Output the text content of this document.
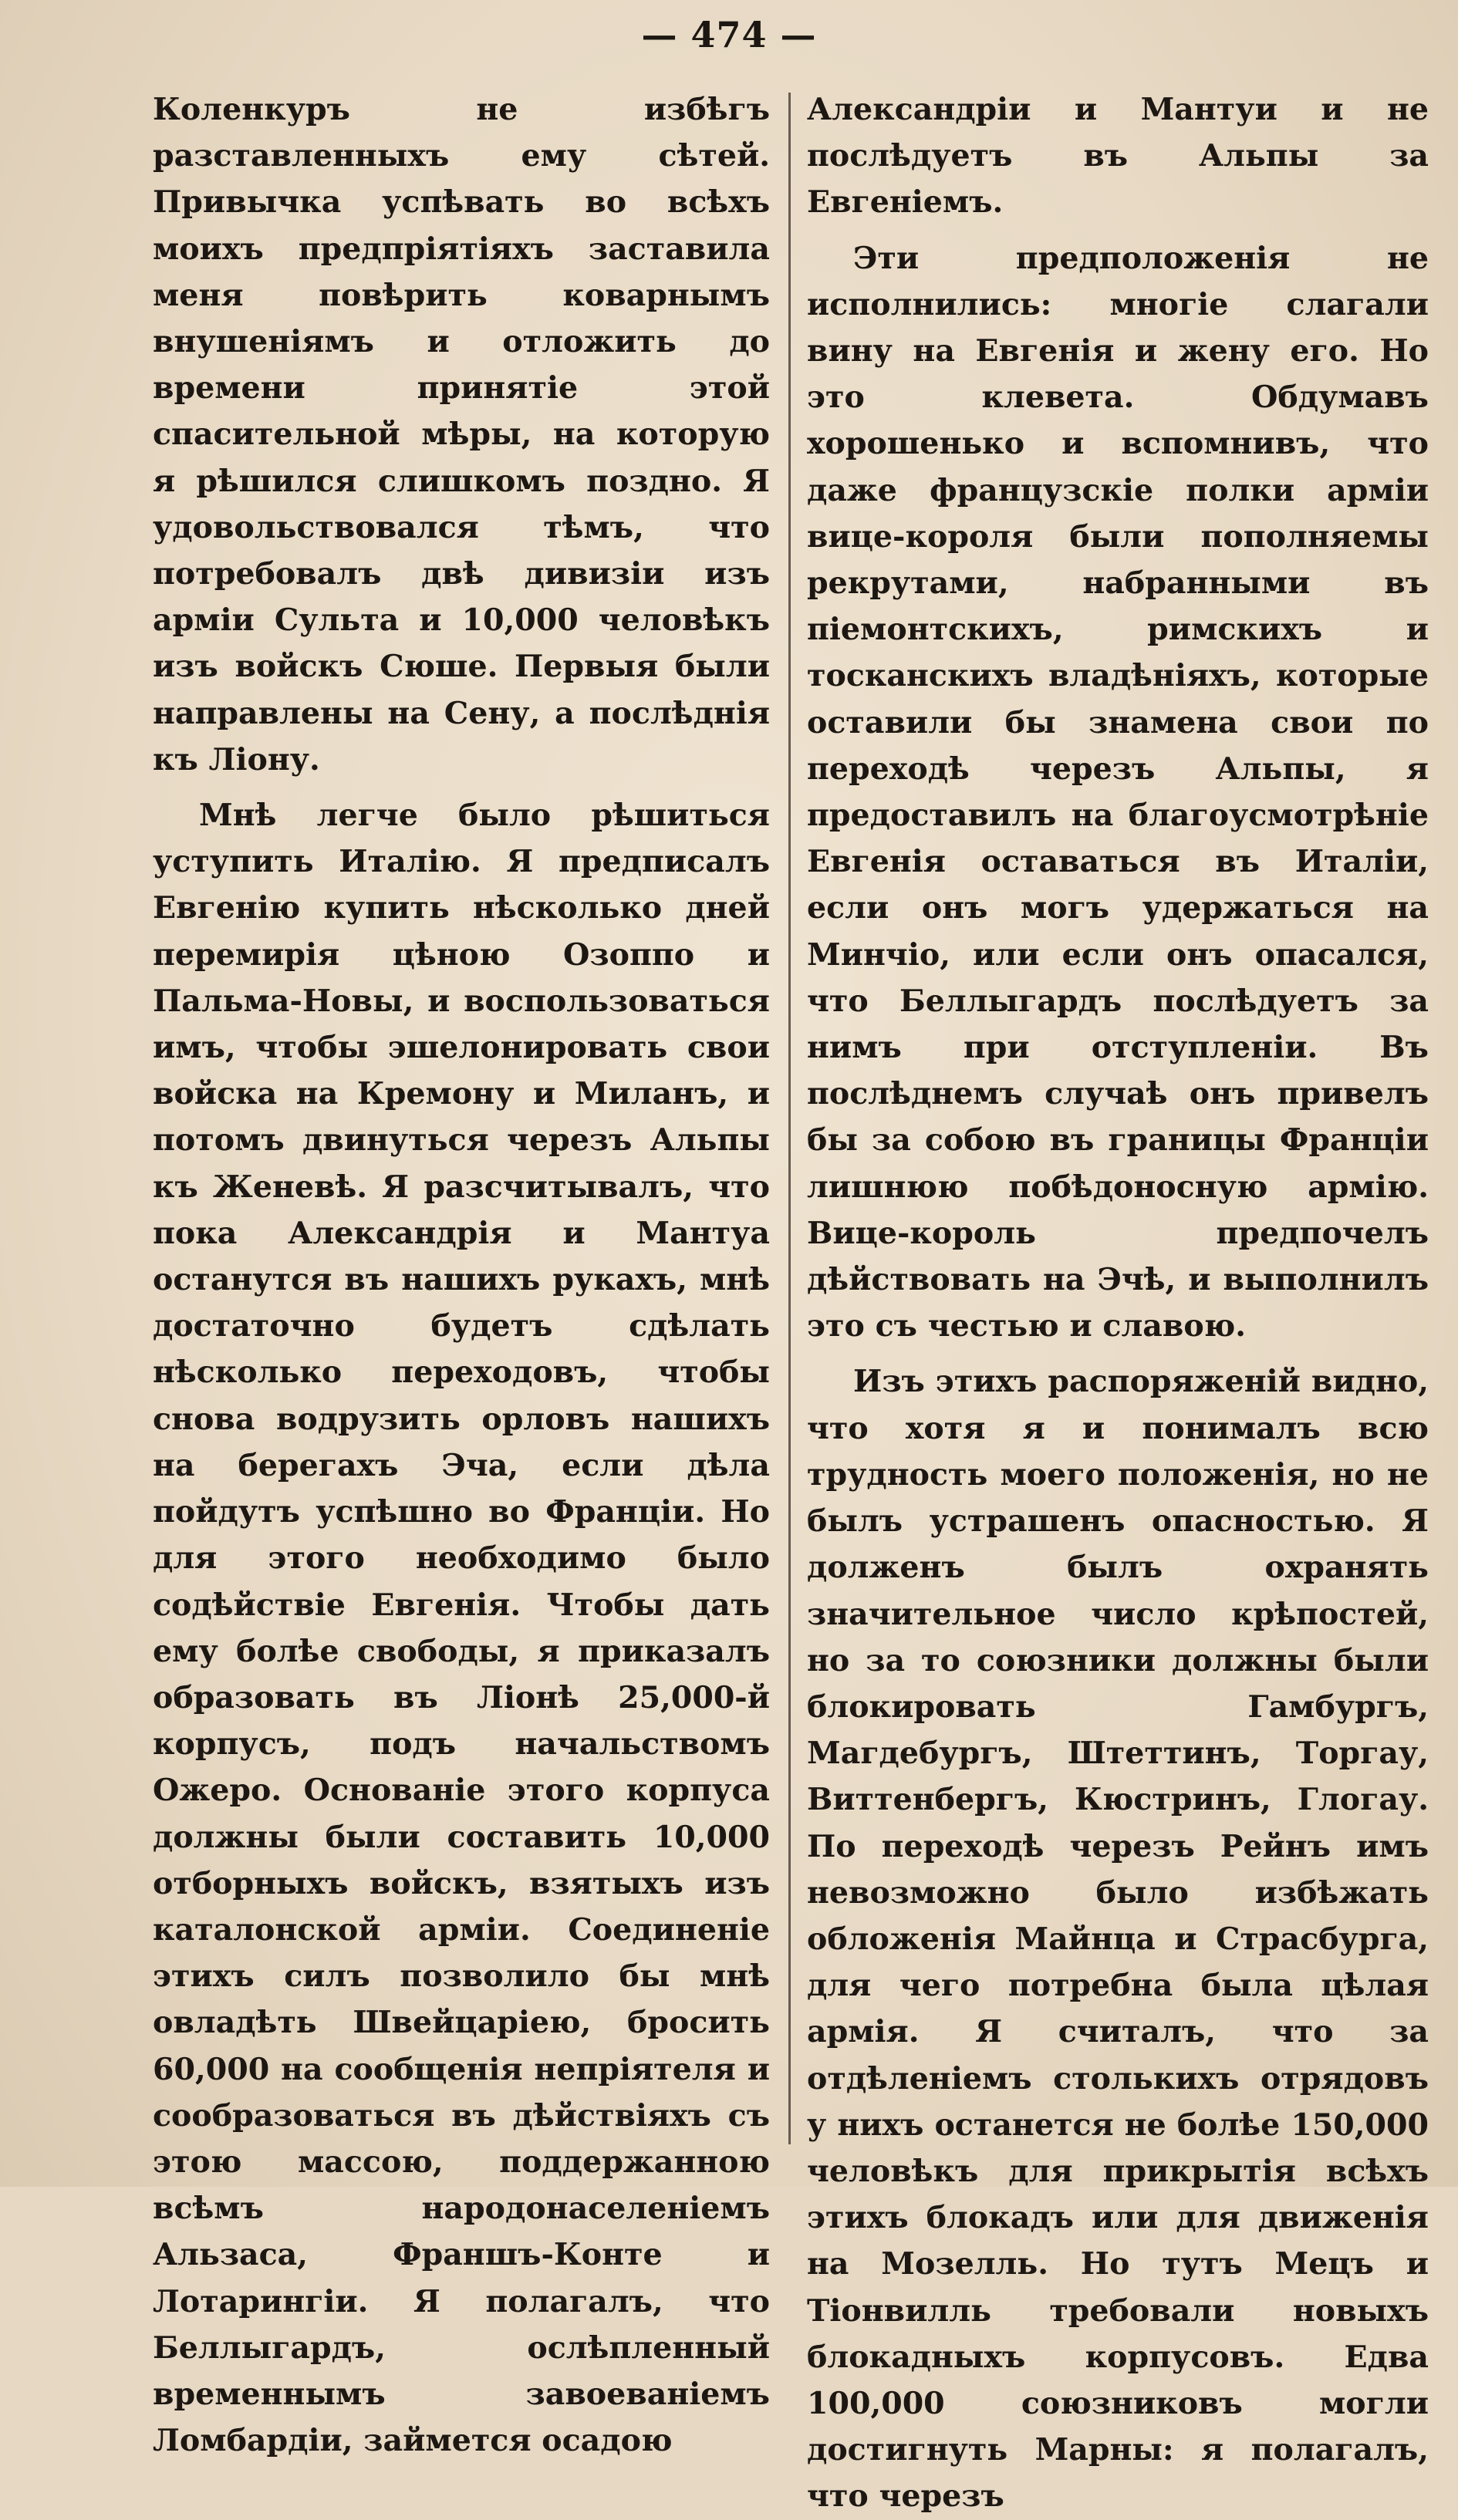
— 474 —

Коленкуръ не избѣгъ разставленныхъ ему сѣтей. Привычка успѣвать во всѣхъ моихъ предпріятіяхъ заставила меня повѣрить коварнымъ внушеніямъ и отложить до времени принятіе этой спасительной мѣры, на которую я рѣшился слишкомъ поздно. Я удовольствовался тѣмъ, что потребовалъ двѣ дивизіи изъ арміи Сульта и 10,000 человѣкъ изъ войскъ Сюше. Первыя были направлены на Сену, а послѣднія къ Ліону.

Мнѣ легче было рѣшиться уступить Италію. Я предписалъ Евгенію купить нѣсколько дней перемирія цѣною Озоппо и Пальма-Новы, и воспользоваться имъ, чтобы эшелонировать свои войска на Кремону и Миланъ, и потомъ двинуться черезъ Альпы къ Женевѣ. Я разсчитывалъ, что пока Александрія и Мантуа останутся въ нашихъ рукахъ, мнѣ достаточно будетъ сдѣлать нѣсколько переходовъ, чтобы снова водрузить орловъ нашихъ на берегахъ Эча, если дѣла пойдутъ успѣшно во Франціи. Но для этого необходимо было содѣйствіе Евгенія. Чтобы дать ему болѣе свободы, я приказалъ образовать въ Ліонѣ 25,000-й корпусъ, подъ начальствомъ Ожеро. Основаніе этого корпуса должны были составить 10,000 отборныхъ войскъ, взятыхъ изъ каталонской арміи. Соединеніе этихъ силъ позволило бы мнѣ овладѣть Швейцаріею, бросить 60,000 на сообщенія непріятеля и сообразоваться въ дѣйствіяхъ съ этою массою, поддержанною всѣмъ народонаселеніемъ Альзаса, Франшъ-Конте и Лотарингіи. Я полагалъ, что Беллыгардъ, ослѣпленный временнымъ завоеваніемъ Ломбардіи, займется осадою

Александріи и Мантуи и не послѣдуетъ въ Альпы за Евгеніемъ.

Эти предположенія не исполнились: многіе слагали вину на Евгенія и жену его. Но это клевета. Обдумавъ хорошенько и вспомнивъ, что даже французскіе полки арміи вице-короля были пополняемы рекрутами, набранными въ піемонтскихъ, римскихъ и тосканскихъ владѣніяхъ, которые оставили бы знамена свои по переходѣ черезъ Альпы, я предоставилъ на благоусмотрѣніе Евгенія оставаться въ Италіи, если онъ могъ удержаться на Минчіо, или если онъ опасался, что Беллыгардъ послѣдуетъ за нимъ при отступленіи. Въ послѣднемъ случаѣ онъ привелъ бы за собою въ границы Франціи лишнюю побѣдоносную армію. Вице-король предпочелъ дѣйствовать на Эчѣ, и выполнилъ это съ честью и славою.

Изъ этихъ распоряженій видно, что хотя я и понималъ всю трудность моего положенія, но не былъ устрашенъ опасностью. Я долженъ былъ охранять значительное число крѣпостей, но за то союзники должны были блокировать Гамбургъ, Магдебургъ, Штеттинъ, Торгау, Виттенбергъ, Кюстринъ, Глогау. По переходѣ черезъ Рейнъ имъ невозможно было избѣжать обложенія Майнца и Страсбурга, для чего потребна была цѣлая армія. Я считалъ, что за отдѣленіемъ столькихъ отрядовъ у нихъ останется не болѣе 150,000 человѣкъ для прикрытія всѣхъ этихъ блокадъ или для движенія на Мозелль. Но тутъ Мецъ и Тіонвилль требовали новыхъ блокадныхъ корпусовъ. Едва 100,000 союзниковъ могли достигнуть Марны: я полагалъ, что черезъ
